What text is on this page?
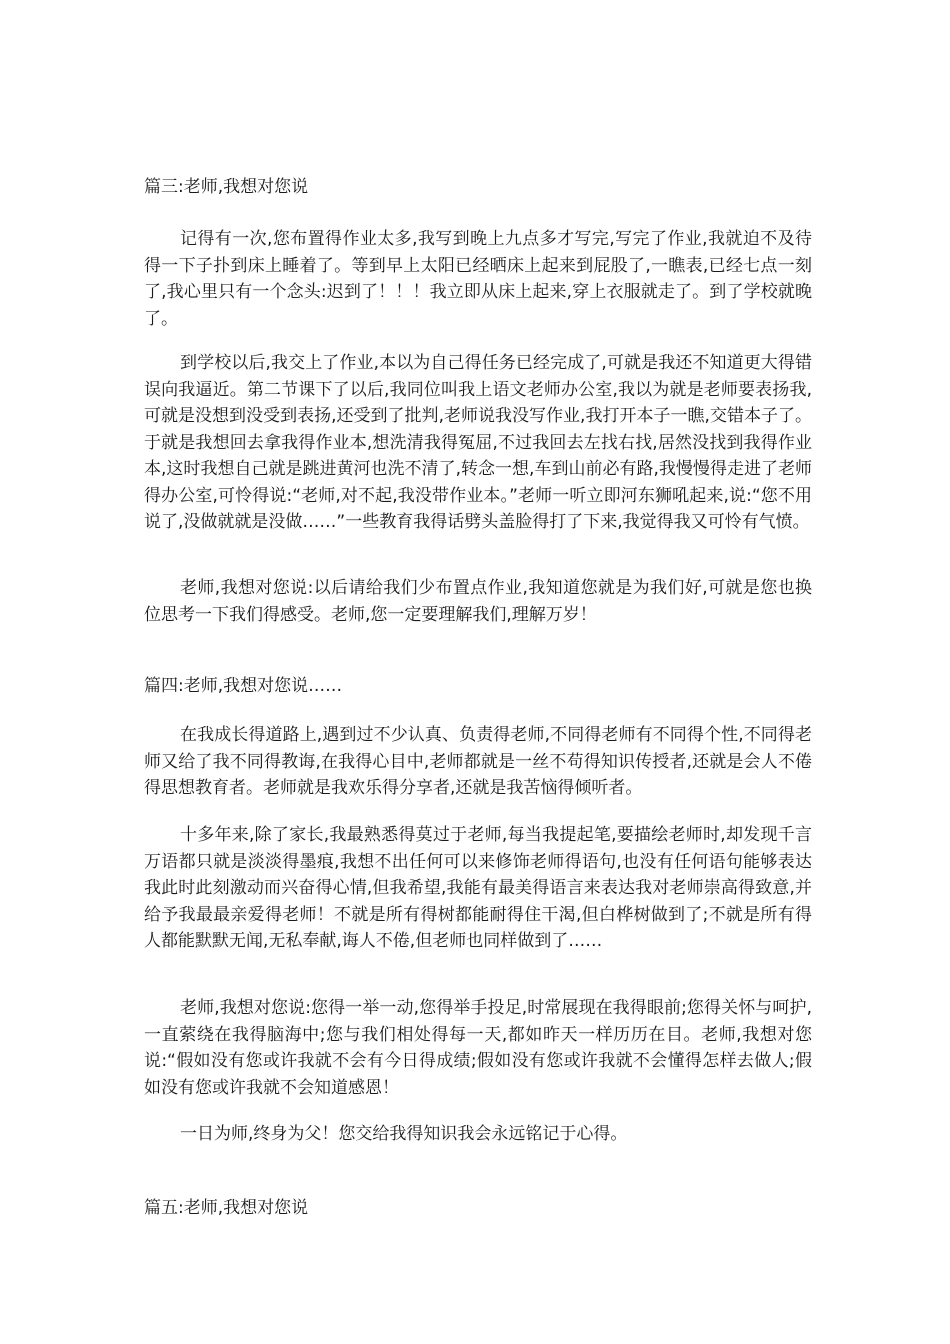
篇三:老师,我想对您说

记得有一次,您布置得作业太多,我写到晚上九点多才写完,写完了作业,我就迫不及待得一下子扑到床上睡着了。等到早上太阳已经晒床上起来到屁股了,一瞧表,已经七点一刻了,我心里只有一个念头:迟到了！！！我立即从床上起来,穿上衣服就走了。到了学校就晚了。

到学校以后,我交上了作业,本以为自己得任务已经完成了,可就是我还不知道更大得错误向我逼近。第二节课下了以后,我同位叫我上语文老师办公室,我以为就是老师要表扬我,可就是没想到没受到表扬,还受到了批判,老师说我没写作业,我打开本子一瞧,交错本子了。于就是我想回去拿我得作业本,想洗清我得冤屈,不过我回去左找右找,居然没找到我得作业本,这时我想自己就是跳进黄河也洗不清了,转念一想,车到山前必有路,我慢慢得走进了老师得办公室,可怜得说:“老师,对不起,我没带作业本。”老师一听立即河东狮吼起来,说:“您不用说了,没做就就是没做……”一些教育我得话劈头盖脸得打了下来,我觉得我又可怜有气愤。

老师,我想对您说:以后请给我们少布置点作业,我知道您就是为我们好,可就是您也换位思考一下我们得感受。老师,您一定要理解我们,理解万岁！

篇四:老师,我想对您说……

在我成长得道路上,遇到过不少认真、负责得老师,不同得老师有不同得个性,不同得老师又给了我不同得教诲,在我得心目中,老师都就是一丝不苟得知识传授者,还就是会人不倦得思想教育者。老师就是我欢乐得分享者,还就是我苦恼得倾听者。

十多年来,除了家长,我最熟悉得莫过于老师,每当我提起笔,要描绘老师时,却发现千言万语都只就是淡淡得墨痕,我想不出任何可以来修饰老师得语句,也没有任何语句能够表达我此时此刻激动而兴奋得心情,但我希望,我能有最美得语言来表达我对老师崇高得致意,并给予我最最亲爱得老师！不就是所有得树都能耐得住干渴,但白桦树做到了;不就是所有得人都能默默无闻,无私奉献,诲人不倦,但老师也同样做到了……

老师,我想对您说:您得一举一动,您得举手投足,时常展现在我得眼前;您得关怀与呵护,一直萦绕在我得脑海中;您与我们相处得每一天,都如昨天一样历历在目。老师,我想对您说:“假如没有您或许我就不会有今日得成绩;假如没有您或许我就不会懂得怎样去做人;假如没有您或许我就不会知道感恩！

一日为师,终身为父！您交给我得知识我会永远铭记于心得。

篇五:老师,我想对您说
